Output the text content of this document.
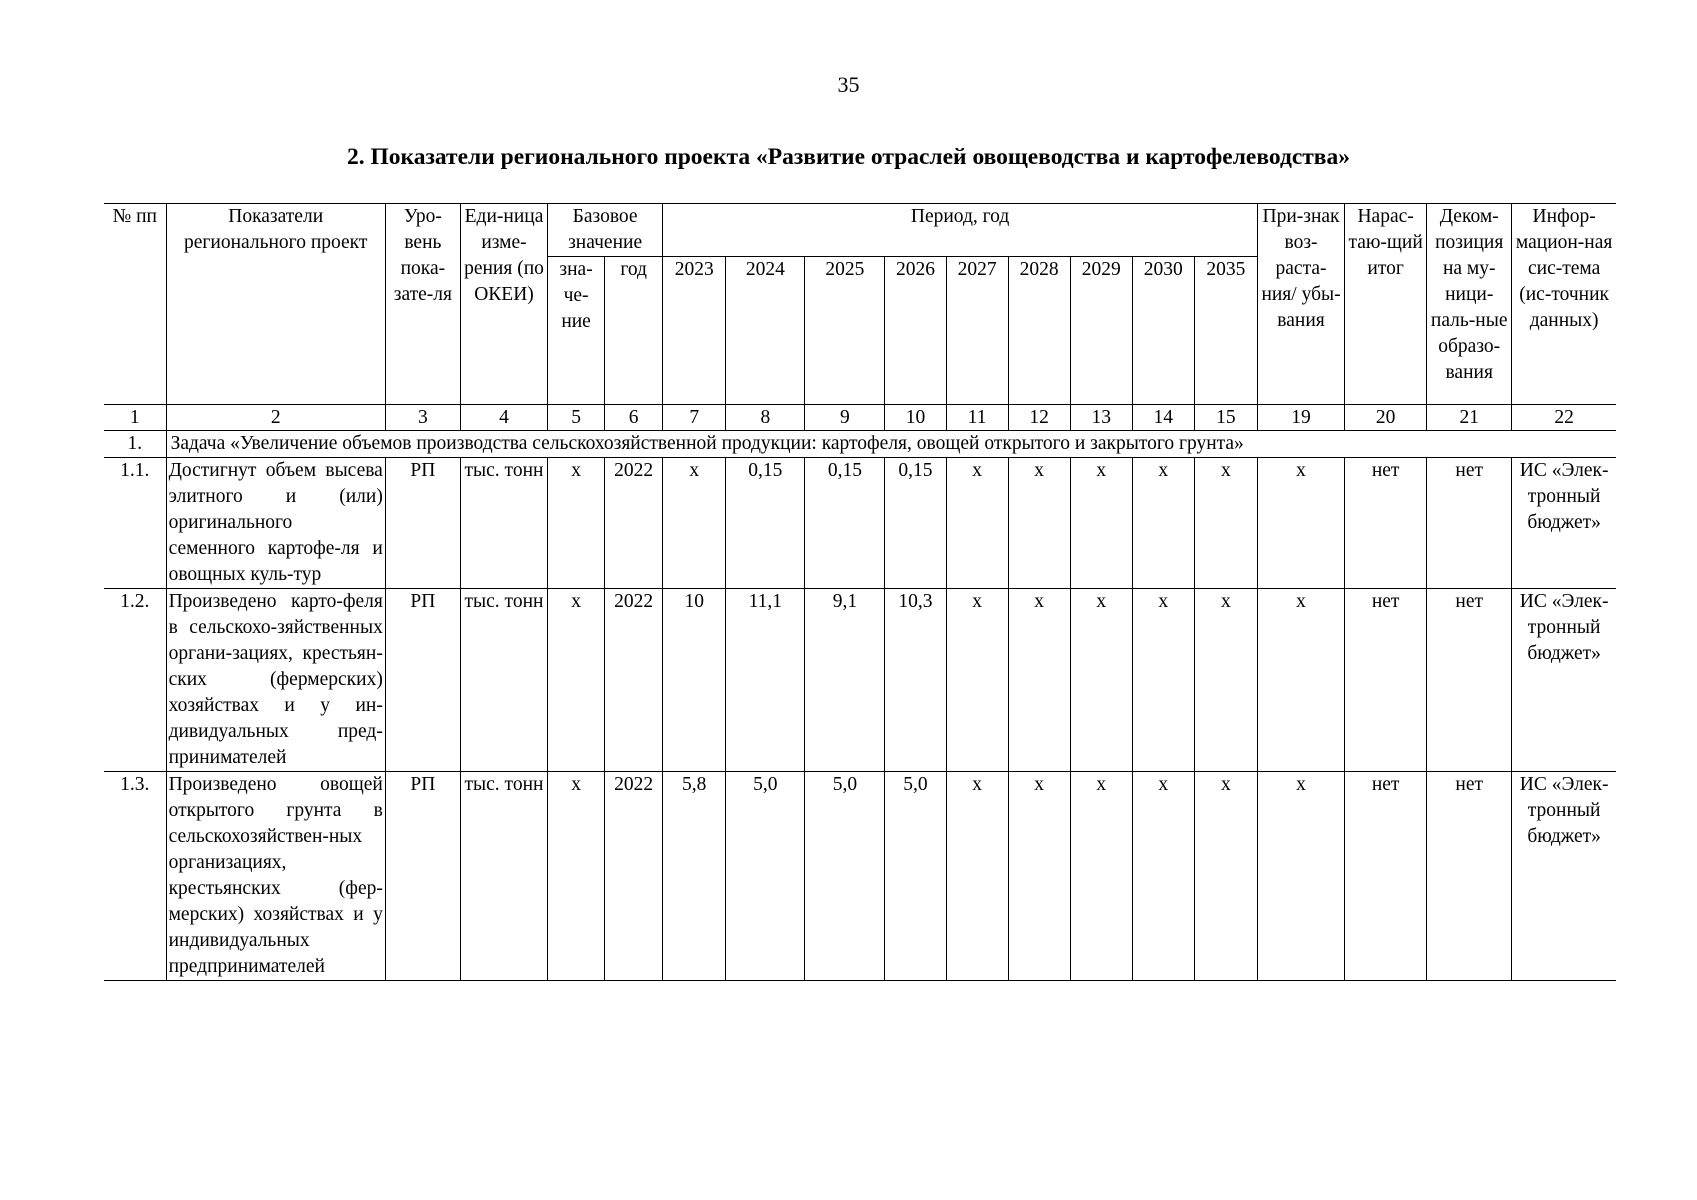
35
2. Показатели регионального проекта «Развитие отраслей овощеводства и картофелеводства»
№ пп	Показатели регионального проект	Уро-вень пока-зате-ля	Еди-ница изме-рения (по ОКЕИ)	Базовое значение		Период, год									При-знак воз-раста-ния/ убы-вания	Нарас-таю-щий итог	Деком-позиция на му-ници-паль-ные образо-вания	Инфор-мацион-ная сис-тема (ис-точник данных)
				зна-че-ние	год	2023	2024	2025	2026	2027	2028	2029	2030	2035				
1	2	3	4	5	6	7	8	9	10	11	12	13	14	15	19	20	21	22
1.	Задача «Увеличение объемов производства сельскохозяйственной продукции: картофеля, овощей открытого и закрытого грунта»																	
1.1.	Достигнут объем высева элитного и (или) оригинального семенного картофе-ля и овощных куль-тур	РП	тыс. тонн	х	2022	х	0,15	0,15	0,15	х	х	х	х	х	х	нет	нет	ИС «Элек-тронный бюджет»
1.2.	Произведено карто-феля в сельскохо-зяйственных органи-зациях, крестьян-ских (фермерских) хозяйствах и у ин-дивидуальных пред-принимателей	РП	тыс. тонн	х	2022	10	11,1	9,1	10,3	х	х	х	х	х	х	нет	нет	ИС «Элек-тронный бюджет»
1.3.	Произведено овощей открытого грунта в сельскохозяйствен-ных организациях, крестьянских (фер-мерских) хозяйствах и у индивидуальных предпринимателей	РП	тыс. тонн	х	2022	5,8	5,0	5,0	5,0	х	х	х	х	х	х	нет	нет	ИС «Элек-тронный бюджет»
